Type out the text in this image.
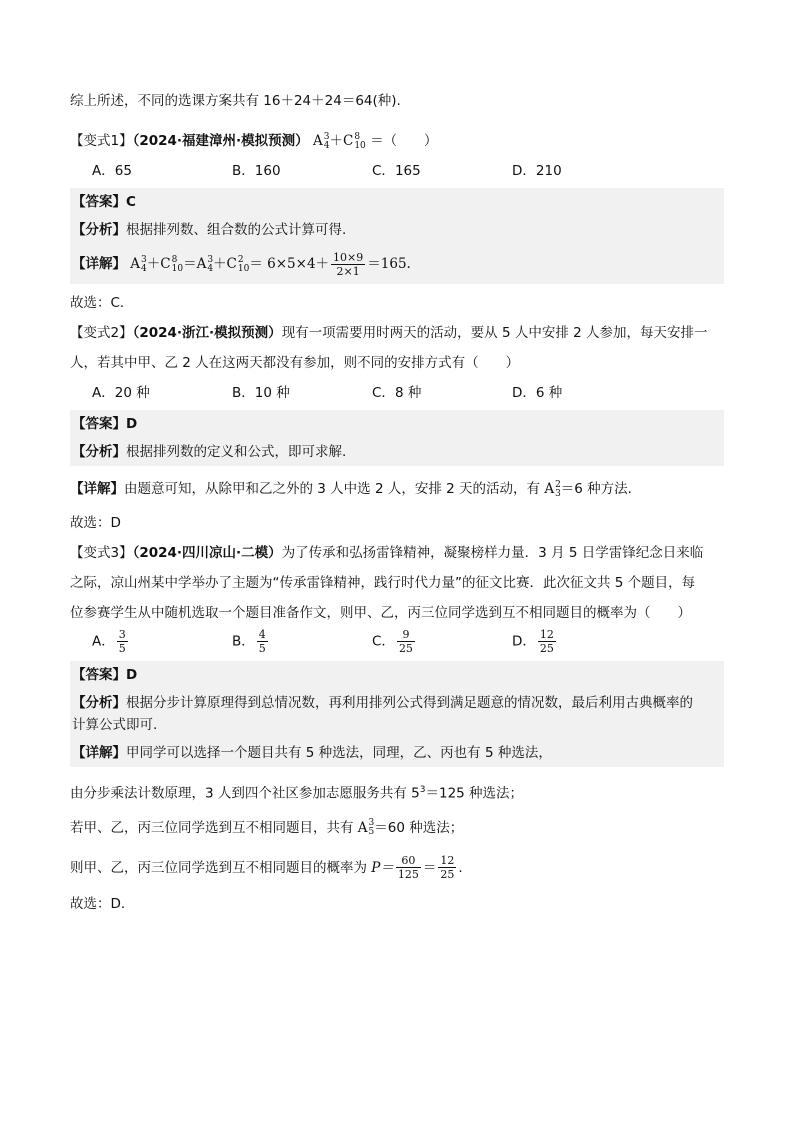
综上所述，不同的选课方案共有 16＋24＋24＝64(种).

【变式1】（2024·福建漳州·模拟预测） A 3
4 ＋C 8
10 ＝（　　）

A．65	B．160	C．165	D．210

【答案】C

【分析】根据排列数、组合数的公式计算可得.

【详解】 A 3
4 ＋C 8
10 ＝A 3
4 ＋C 2
$10 = 6\times 5\times 4+ \frac{10\times 9}{2\times 1} =165$.

故选：C.

【变式2】（2024·浙江·模拟预测）现有一项需要用时两天的活动，要从 5 人中安排 2 人参加，每天安排一

人，若其中甲、乙 2 人在这两天都没有参加，则不同的安排方式有（　　）

A．20 种	B．10 种	C．8 种	D．6 种

【答案】D

【分析】根据排列数的定义和公式，即可求解.

【详解】由题意可知，从除甲和乙之外的 3 人中选 2 人，安排 2 天的活动，有 A 2
3 ＝6 种方法.

故选：D

【变式3】（2024·四川凉山·二模）为了传承和弘扬雷锋精神，凝聚榜样力量．3 月 5 日学雷锋纪念日来临

之际，凉山州某中学举办了主题为“传承雷锋精神，践行时代力量”的征文比赛．此次征文共 5 个题目，每

位参赛学生从中随机选取一个题目准备作文，则甲、乙，丙三位同学选到互不相同题目的概率为（　　）

A． $\frac{3}{5}$	B． $\frac{4}{5}$	C． $\frac{9}{25}$	D． $\frac{12}{25}$

【答案】D

【分析】根据分步计算原理得到总情况数，再利用排列公式得到满足题意的情况数，最后利用古典概率的
计算公式即可.

【详解】甲同学可以选择一个题目共有 5 种选法，同理，乙、丙也有 5 种选法，

由分步乘法计数原理，3 人到四个社区参加志愿服务共有 $5^3=125$ 种选法；

若甲、乙，丙三位同学选到互不相同题目，共有 A 3
5 ＝60 种选法；

则甲、乙，丙三位同学选到互不相同题目的概率为 $P= \frac{60}{125} = \frac{12}{25}$ .

故选：D.
